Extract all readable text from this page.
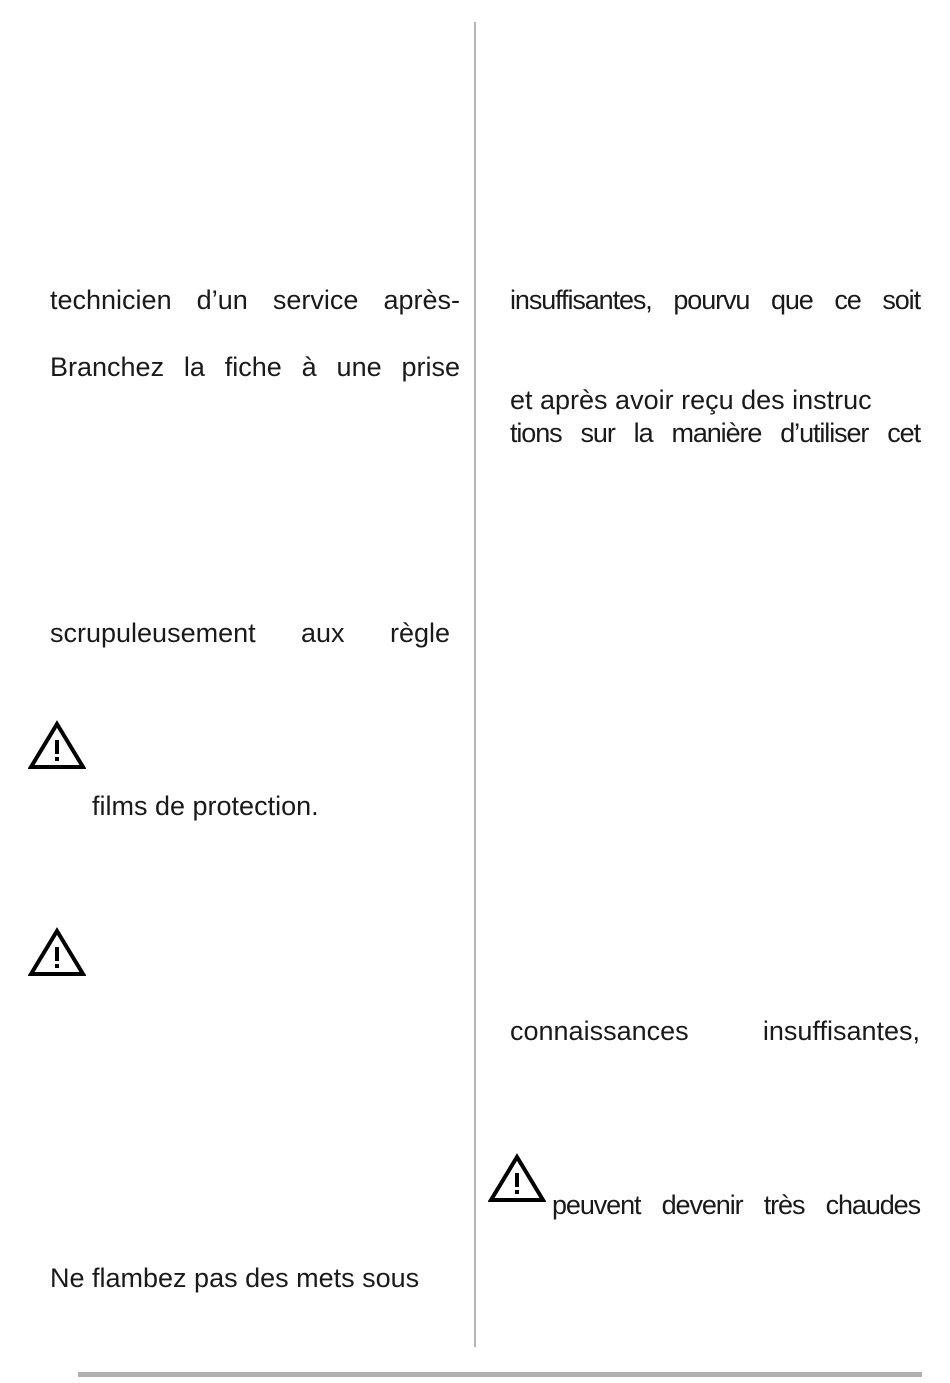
technicien d’un service après-

Branchez la fiche à une prise

scrupuleusement aux règle

films de protection.

Ne flambez pas des mets sous

insuffisantes, pourvu que ce soit

et après avoir reçu des instruc

tions sur la manière d’utiliser cet

connaissances insuffisantes,

peuvent devenir très chaudes
